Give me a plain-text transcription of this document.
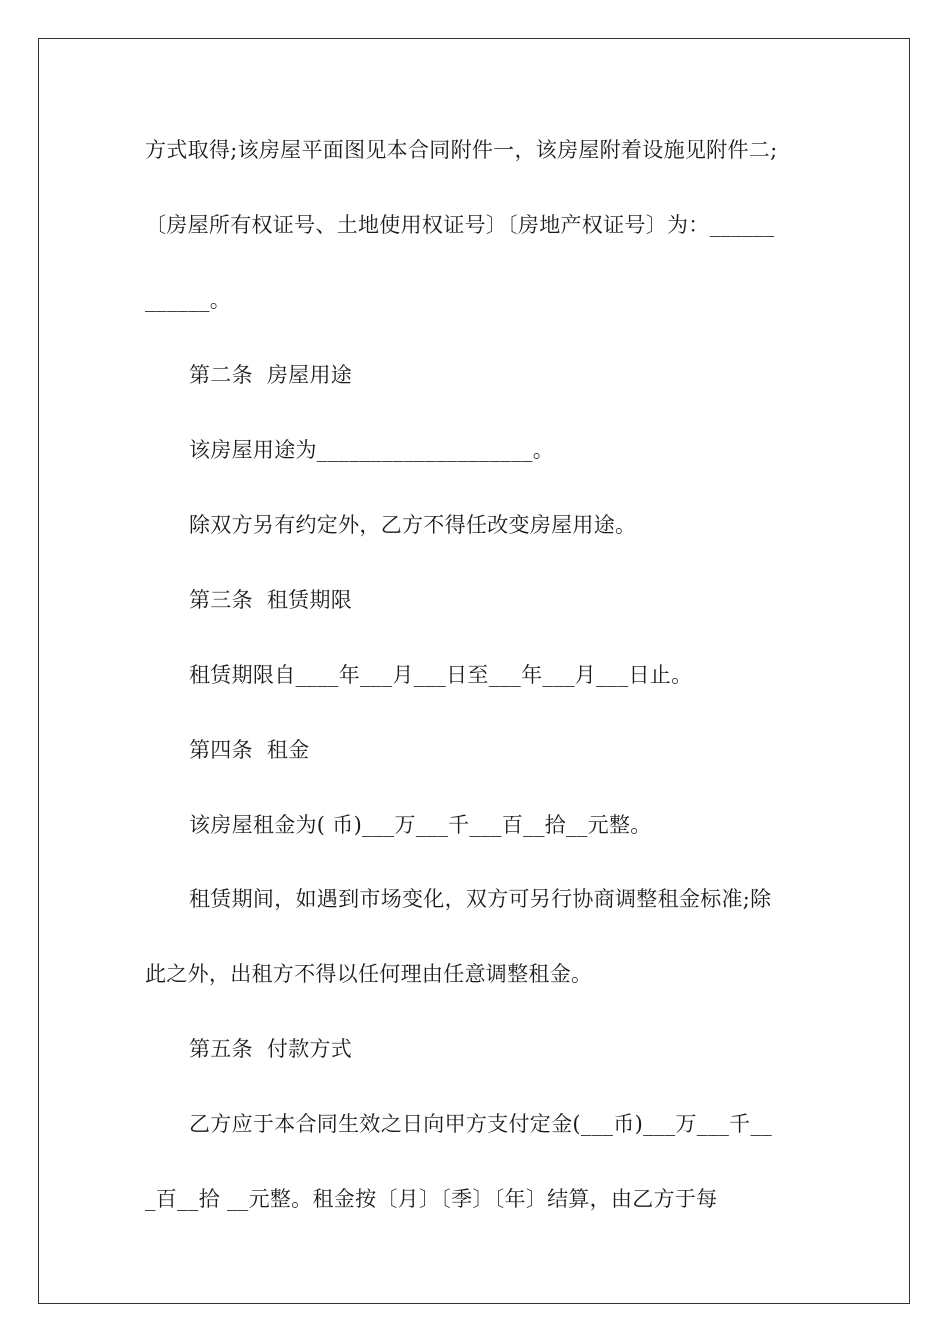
方式取得;该房屋平面图见本合同附件一，该房屋附着设施见附件二;
〔房屋所有权证号、土地使用权证号〕〔房地产权证号〕为：______
______。
第二条  房屋用途
该房屋用途为____________________。
除双方另有约定外，乙方不得任改变房屋用途。
第三条  租赁期限
租赁期限自____年___月___日至___年___月___日止。
第四条  租金
该房屋租金为( 币)___万___千___百__拾__元整。
租赁期间，如遇到市场变化，双方可另行协商调整租金标准;除
此之外，出租方不得以任何理由任意调整租金。
第五条  付款方式
乙方应于本合同生效之日向甲方支付定金(___币)___万___千__
_百__拾 __元整。租金按〔月〕〔季〕〔年〕结算，由乙方于每
